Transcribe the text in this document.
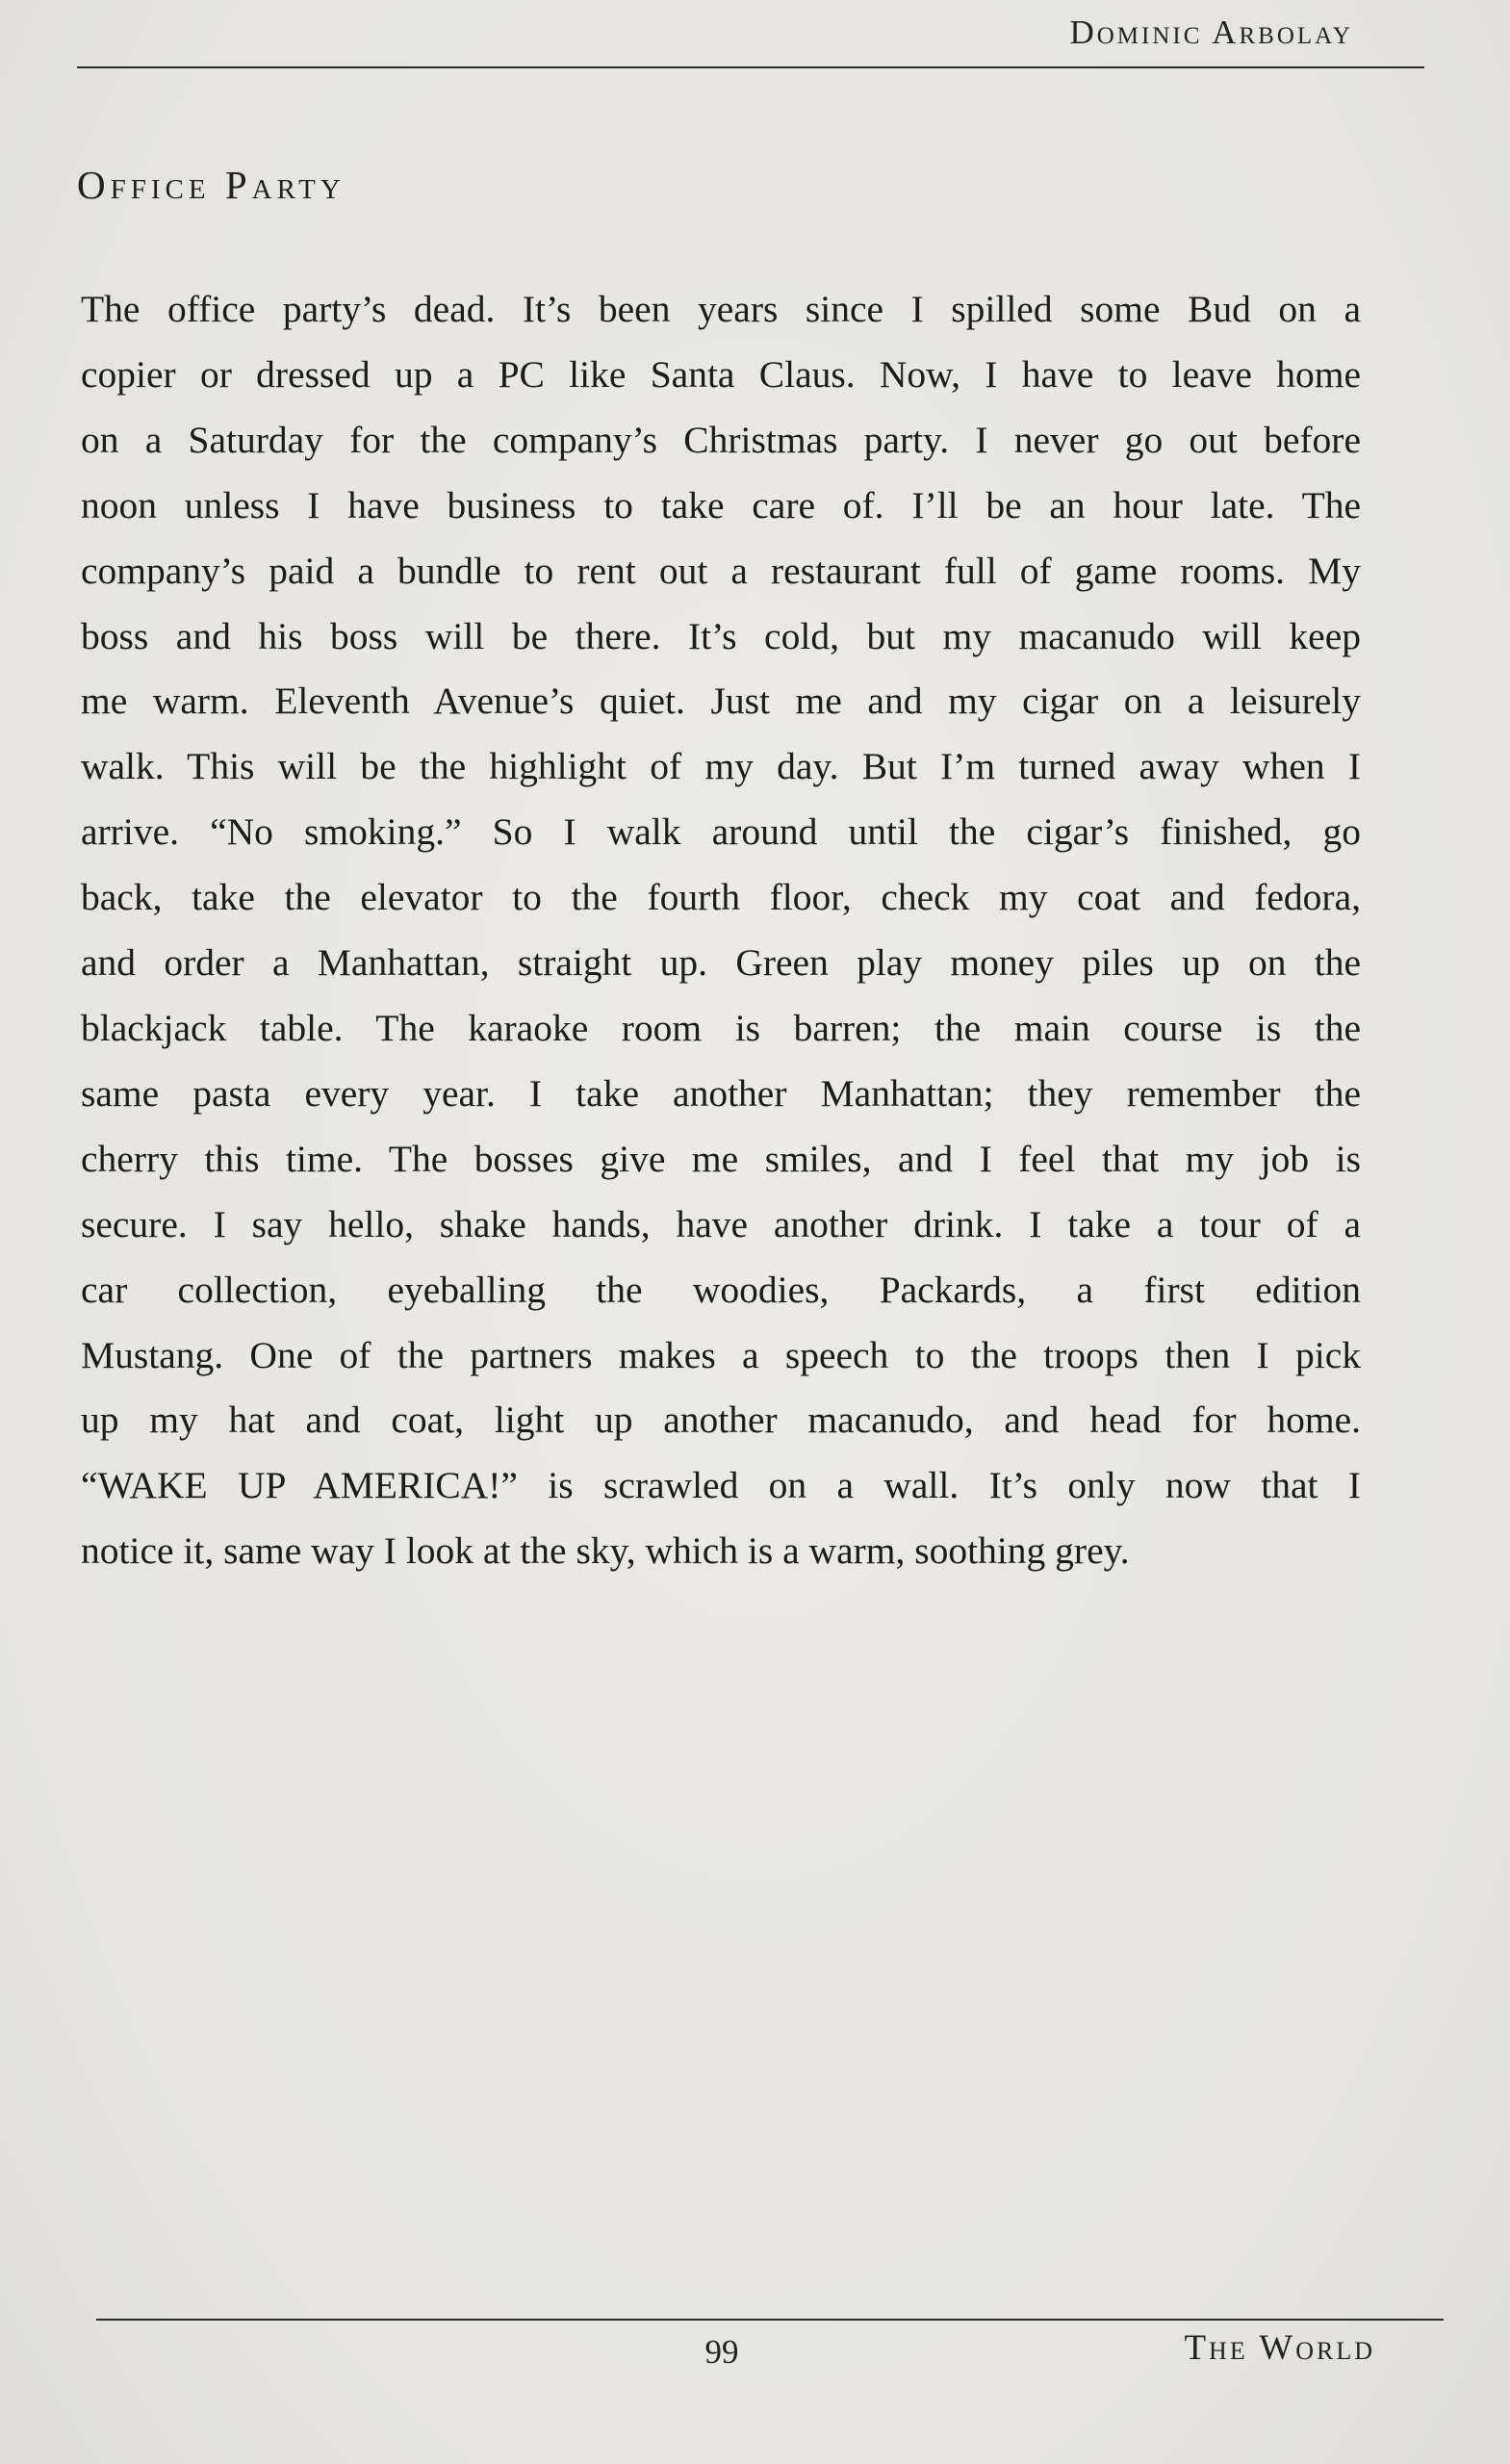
Dominic Arbolay
Office Party
The office party’s dead. It’s been years since I spilled some Bud on a
copier or dressed up a PC like Santa Claus. Now, I have to leave home
on a Saturday for the company’s Christmas party. I never go out before
noon unless I have business to take care of. I’ll be an hour late. The
company’s paid a bundle to rent out a restaurant full of game rooms. My
boss and his boss will be there. It’s cold, but my macanudo will keep
me warm. Eleventh Avenue’s quiet. Just me and my cigar on a leisurely
walk. This will be the highlight of my day. But I’m turned away when I
arrive. “No smoking.” So I walk around until the cigar’s finished, go
back, take the elevator to the fourth floor, check my coat and fedora,
and order a Manhattan, straight up. Green play money piles up on the
blackjack table. The karaoke room is barren; the main course is the
same pasta every year. I take another Manhattan; they remember the
cherry this time. The bosses give me smiles, and I feel that my job is
secure. I say hello, shake hands, have another drink. I take a tour of a
car collection, eyeballing the woodies, Packards, a first edition
Mustang. One of the partners makes a speech to the troops then I pick
up my hat and coat, light up another macanudo, and head for home.
“WAKE UP AMERICA!” is scrawled on a wall. It’s only now that I
notice it, same way I look at the sky, which is a warm, soothing grey.
99	The World
